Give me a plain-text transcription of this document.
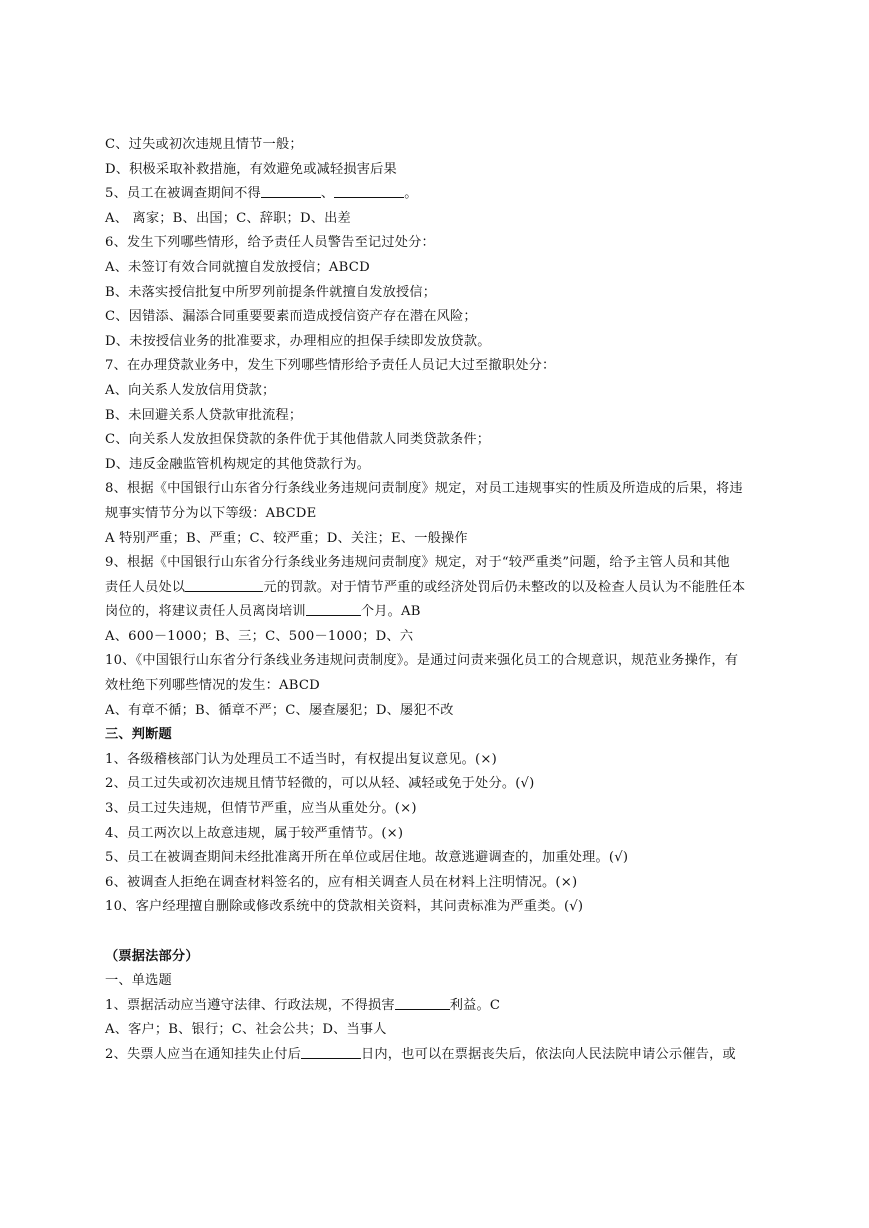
C、过失或初次违规且情节一般；
D、积极采取补救措施，有效避免或减轻损害后果
5、员工在被调查期间不得	、	。
A、 离家；B、出国；C、辞职；D、出差
6、发生下列哪些情形，给予责任人员警告至记过处分：
A、未签订有效合同就擅自发放授信；ABCD
B、未落实授信批复中所罗列前提条件就擅自发放授信；
C、因错添、漏添合同重要要素而造成授信资产存在潜在风险；
D、未按授信业务的批准要求，办理相应的担保手续即发放贷款。
7、在办理贷款业务中，发生下列哪些情形给予责任人员记大过至撤职处分：
A、向关系人发放信用贷款；
B、未回避关系人贷款审批流程；
C、向关系人发放担保贷款的条件优于其他借款人同类贷款条件；
D、违反金融监管机构规定的其他贷款行为。
8、根据《中国银行山东省分行条线业务违规问责制度》规定，对员工违规事实的性质及所造成的后果，将违
规事实情节分为以下等级：ABCDE
A 特别严重；B、严重；C、较严重；D、关注；E、一般操作
9、根据《中国银行山东省分行条线业务违规问责制度》规定，对于“较严重类”问题，给予主管人员和其他
责任人员处以	元的罚款。对于情节严重的或经济处罚后仍未整改的以及检查人员认为不能胜任本
岗位的，将建议责任人员离岗培训	个月。AB
A、600－1000；B、三；C、500－1000；D、六
10、《中国银行山东省分行条线业务违规问责制度》。是通过问责来强化员工的合规意识，规范业务操作，有
效杜绝下列哪些情况的发生：ABCD
A、有章不循；B、循章不严；C、屡查屡犯；D、屡犯不改
三、判断题
1、各级稽核部门认为处理员工不适当时，有权提出复议意见。(×)
2、员工过失或初次违规且情节轻微的，可以从轻、减轻或免于处分。(√)
3、员工过失违规，但情节严重，应当从重处分。(×)
4、员工两次以上故意违规，属于较严重情节。(×)
5、员工在被调查期间未经批准离开所在单位或居住地。故意逃避调查的，加重处理。(√)
6、被调查人拒绝在调查材料签名的，应有相关调查人员在材料上注明情况。(×)
10、客户经理擅自删除或修改系统中的贷款相关资料，其问责标准为严重类。(√)
（票据法部分）
一、单选题
1、票据活动应当遵守法律、行政法规，不得损害	利益。C
A、客户；B、银行；C、社会公共；D、当事人
2、失票人应当在通知挂失止付后	日内，也可以在票据丧失后，依法向人民法院申请公示催告，或
